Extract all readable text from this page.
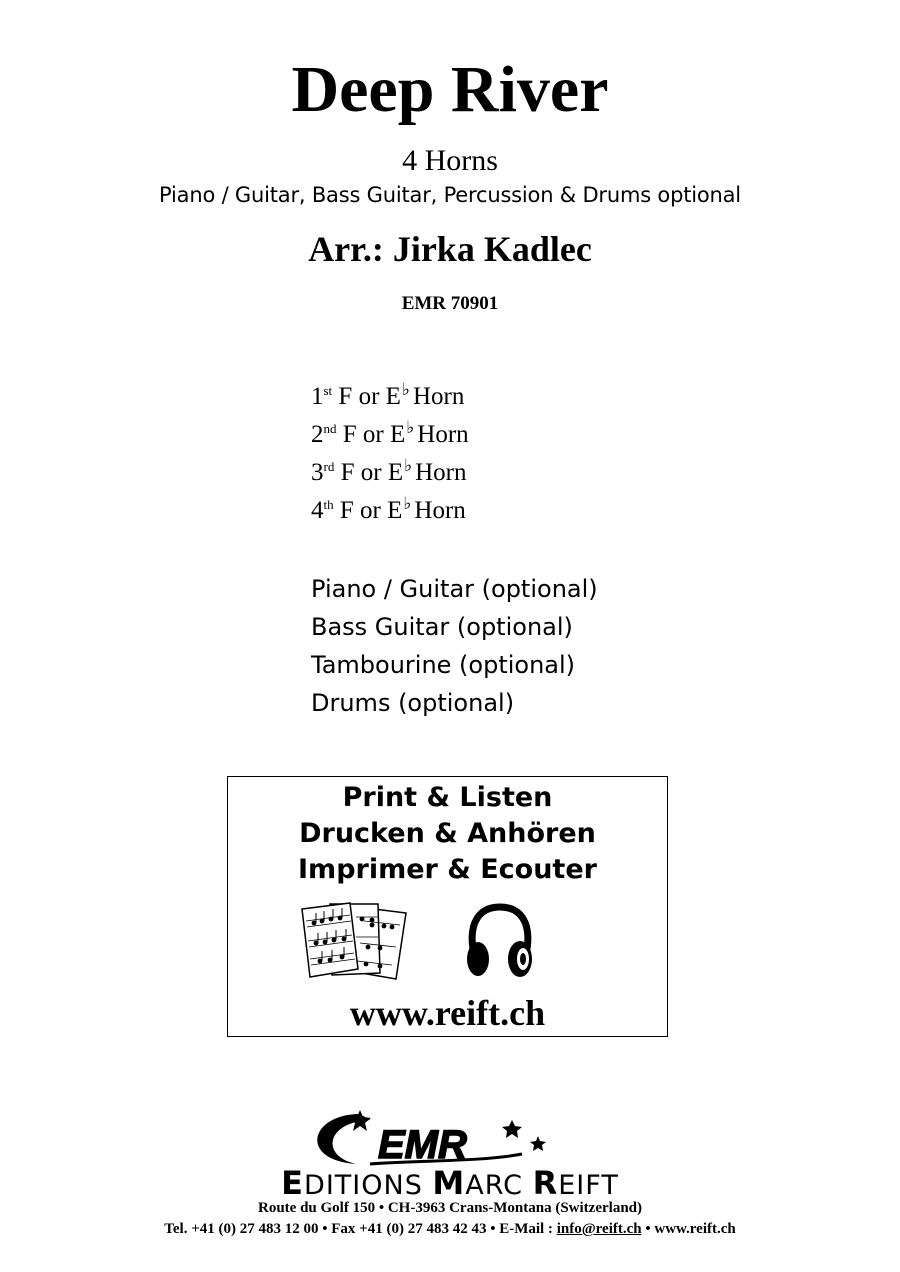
Deep River
4 Horns
Piano / Guitar, Bass Guitar, Percussion & Drums optional
Arr.: Jirka Kadlec
EMR 70901
1st F or E♭ Horn
2nd F or E♭ Horn
3rd F or E♭ Horn
4th F or E♭ Horn
Piano / Guitar (optional)
Bass Guitar (optional)
Tambourine (optional)
Drums (optional)
Print & Listen
Drucken & Anhören
Imprimer & Ecouter
www.reift.ch
EMR
EDITIONS MARC REIFT
Route du Golf 150 • CH-3963 Crans-Montana (Switzerland)
Tel. +41 (0) 27 483 12 00 • Fax +41 (0) 27 483 42 43 • E-Mail : info@reift.ch • www.reift.ch
